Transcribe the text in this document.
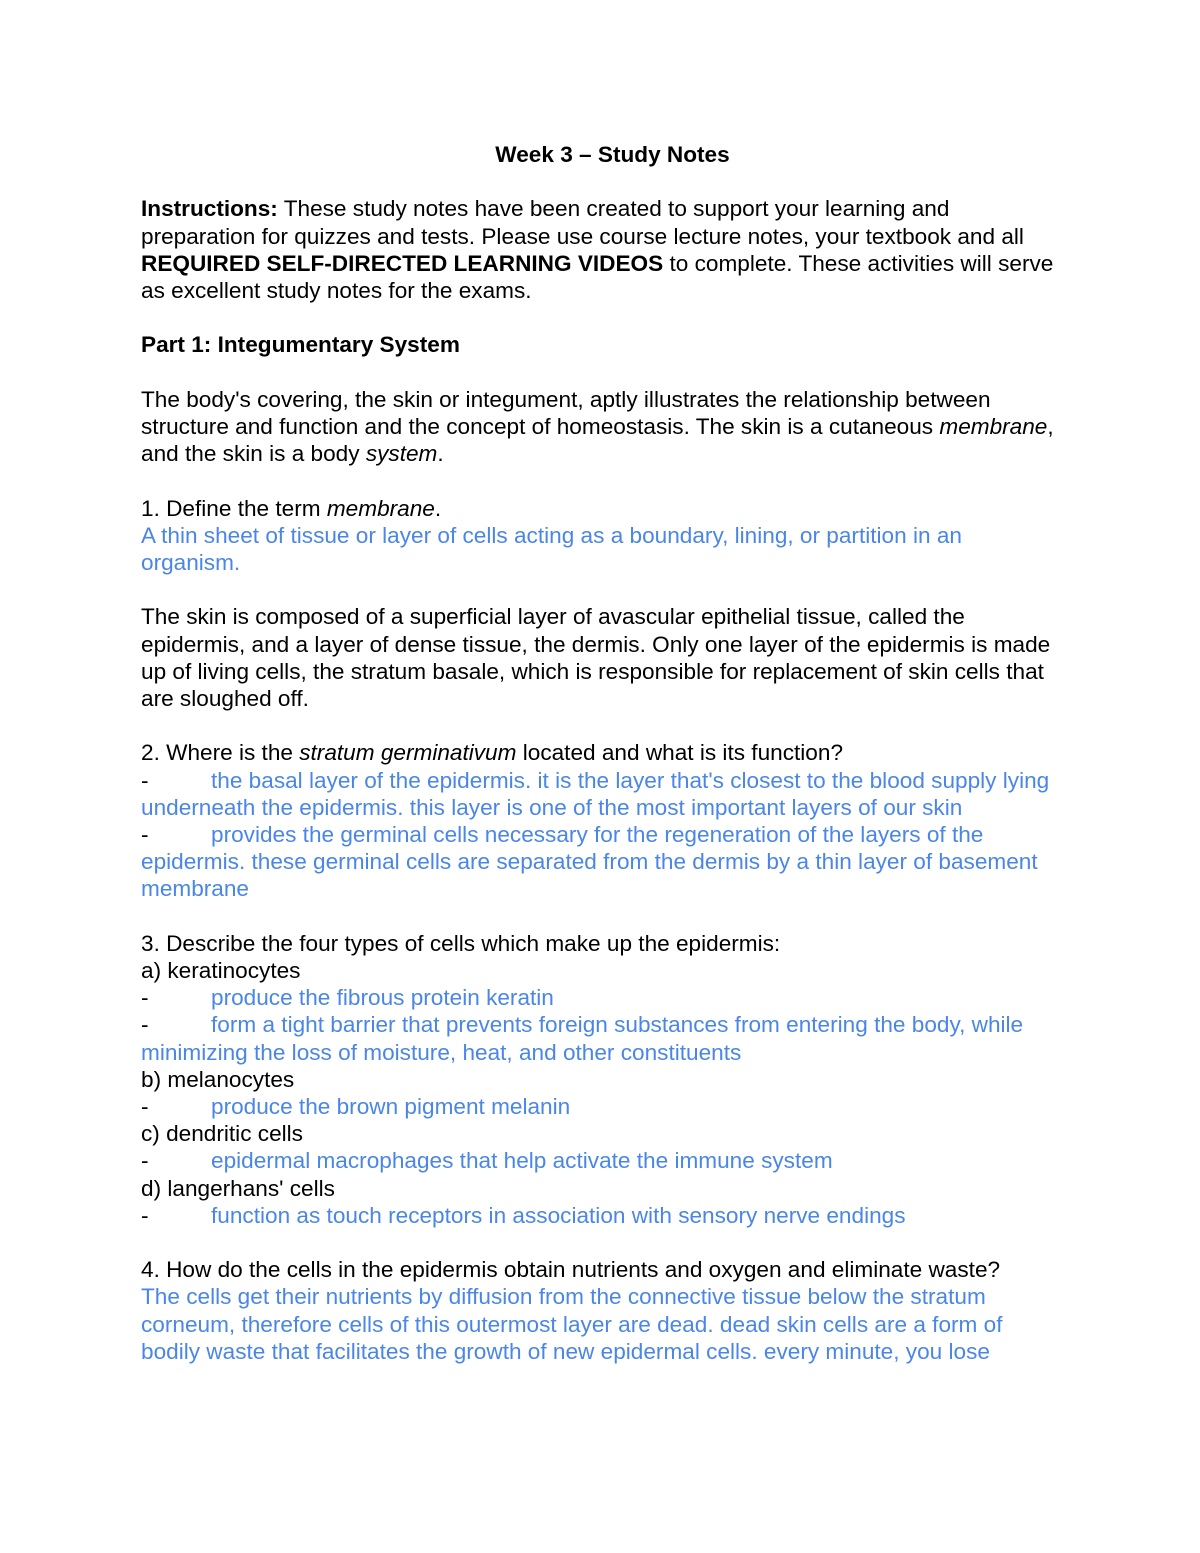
Week 3 – Study Notes

Instructions: These study notes have been created to support your learning and preparation for quizzes and tests. Please use course lecture notes, your textbook and all REQUIRED SELF-DIRECTED LEARNING VIDEOS to complete. These activities will serve as excellent study notes for the exams.

Part 1: Integumentary System

The body's covering, the skin or integument, aptly illustrates the relationship between structure and function and the concept of homeostasis. The skin is a cutaneous membrane, and the skin is a body system.

1. Define the term membrane.

A thin sheet of tissue or layer of cells acting as a boundary, lining, or partition in an organism.

The skin is composed of a superficial layer of avascular epithelial tissue, called the epidermis, and a layer of dense tissue, the dermis. Only one layer of the epidermis is made up of living cells, the stratum basale, which is responsible for replacement of skin cells that are sloughed off.

2. Where is the stratum germinativum located and what is its function?

-	the basal layer of the epidermis. it is the layer that's closest to the blood supply lying underneath the epidermis. this layer is one of the most important layers of our skin

-	provides the germinal cells necessary for the regeneration of the layers of the epidermis. these germinal cells are separated from the dermis by a thin layer of basement membrane

3. Describe the four types of cells which make up the epidermis:

a) keratinocytes

-	produce the fibrous protein keratin

-	form a tight barrier that prevents foreign substances from entering the body, while minimizing the loss of moisture, heat, and other constituents

b) melanocytes

-	produce the brown pigment melanin

c) dendritic cells

-	epidermal macrophages that help activate the immune system

d) langerhans' cells

-	function as touch receptors in association with sensory nerve endings

4. How do the cells in the epidermis obtain nutrients and oxygen and eliminate waste?

The cells get their nutrients by diffusion from the connective tissue below the stratum corneum, therefore cells of this outermost layer are dead. dead skin cells are a form of bodily waste that facilitates the growth of new epidermal cells. every minute, you lose
